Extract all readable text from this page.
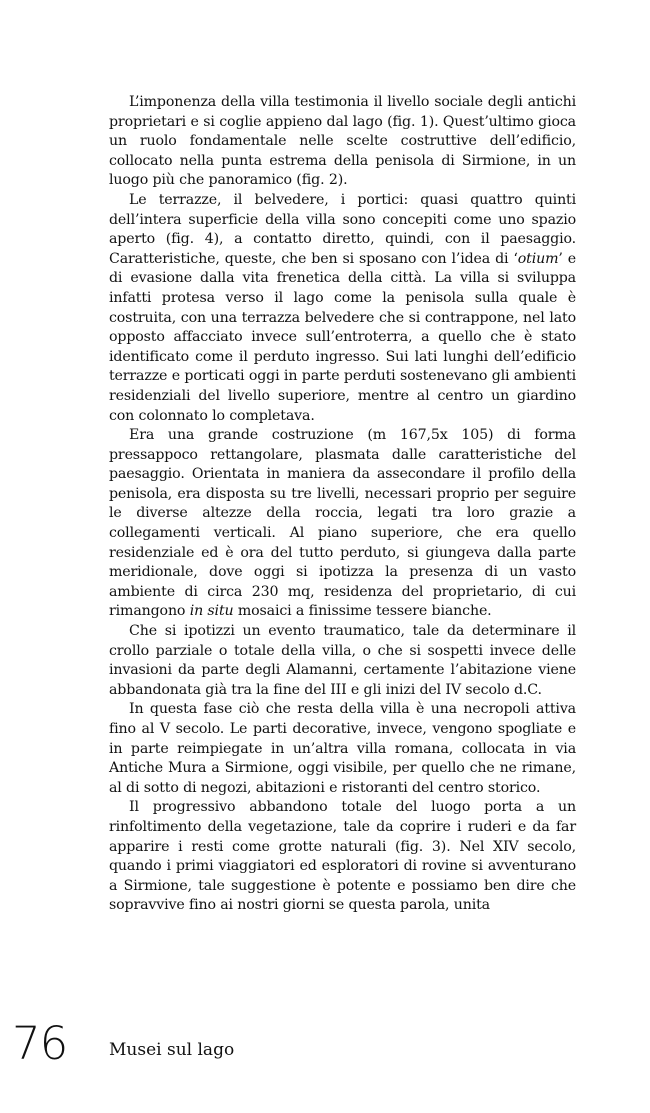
L’imponenza della villa testimonia il livello sociale degli antichi proprietari e si coglie appieno dal lago (fig. 1). Quest’ultimo gioca un ruolo fondamentale nelle scelte costruttive dell’edificio, collocato nella punta estrema della penisola di Sirmione, in un luogo più che panoramico (fig. 2).

Le terrazze, il belvedere, i portici: quasi quattro quinti dell’intera superficie della villa sono concepiti come uno spazio aperto (fig. 4), a contatto diretto, quindi, con il paesaggio. Caratteristiche, queste, che ben si sposano con l’idea di ‘otium’ e di evasione dalla vita frenetica della città. La villa si sviluppa infatti protesa verso il lago come la penisola sulla quale è costruita, con una terrazza belvedere che si contrappone, nel lato opposto affacciato invece sull’entroterra, a quello che è stato identificato come il perduto ingresso. Sui lati lunghi dell’edificio terrazze e porticati oggi in parte perduti sostenevano gli ambienti residenziali del livello superiore, mentre al centro un giardino con colonnato lo completava.

Era una grande costruzione (m 167,5x 105) di forma pressappoco rettangolare, plasmata dalle caratteristiche del paesaggio. Orientata in maniera da assecondare il profilo della penisola, era disposta su tre livelli, necessari proprio per seguire le diverse altezze della roccia, legati tra loro grazie a collegamenti verticali. Al piano superiore, che era quello residenziale ed è ora del tutto perduto, si giungeva dalla parte meridionale, dove oggi si ipotizza la presenza di un vasto ambiente di circa 230 mq, residenza del proprietario, di cui rimangono in situ mosaici a finissime tessere bianche.

Che si ipotizzi un evento traumatico, tale da determinare il crollo parziale o totale della villa, o che si sospetti invece delle invasioni da parte degli Alamanni, certamente l’abitazione viene abbandonata già tra la fine del III e gli inizi del IV secolo d.C.

In questa fase ciò che resta della villa è una necropoli attiva fino al V secolo. Le parti decorative, invece, vengono spogliate e in parte reimpiegate in un’altra villa romana, collocata in via Antiche Mura a Sirmione, oggi visibile, per quello che ne rimane, al di sotto di negozi, abitazioni e ristoranti del centro storico.

Il progressivo abbandono totale del luogo porta a un rinfoltimento della vegetazione, tale da coprire i ruderi e da far apparire i resti come grotte naturali (fig. 3). Nel XIV secolo, quando i primi viaggiatori ed esploratori di rovine si avventurano a Sirmione, tale suggestione è potente e possiamo ben dire che sopravvive fino ai nostri giorni se questa parola, unita

76 Musei sul lago
